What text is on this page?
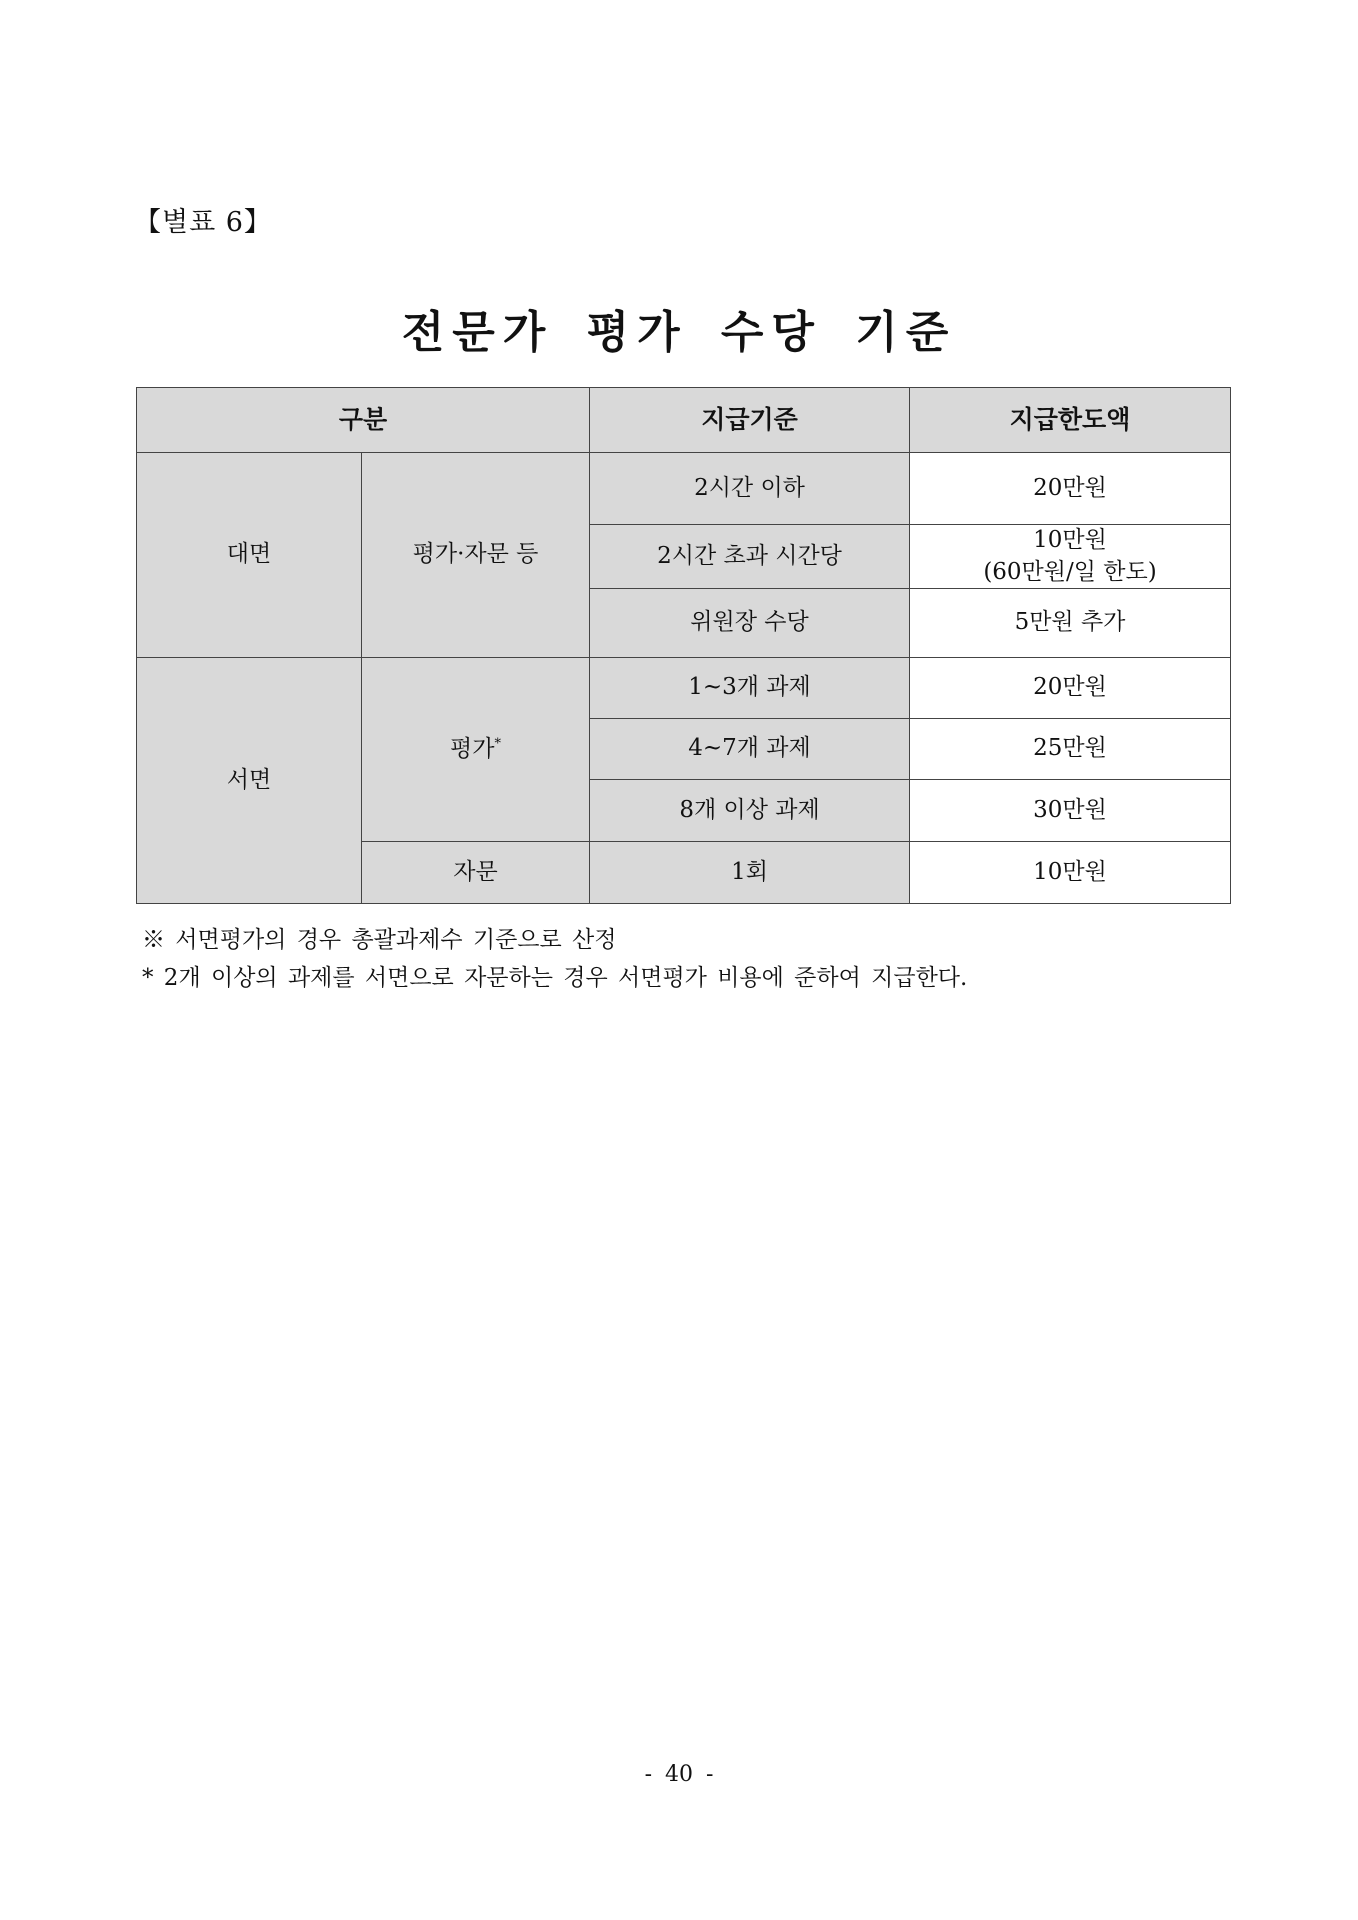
【별표 6】
전문가 평가 수당 기준
구분		지급기준	지급한도액
대면	평가·자문 등	2시간 이하	20만원
		2시간 초과 시간당	10만원
(60만원/일 한도)

		위원장 수당	5만원 추가
서면	평가*	1~3개 과제	20만원
		4~7개 과제	25만원
		8개 이상 과제	30만원
	자문	1회	10만원
※ 서면평가의 경우 총괄과제수 기준으로 산정
* 2개 이상의 과제를 서면으로 자문하는 경우 서면평가 비용에 준하여 지급한다.
- 40 -
